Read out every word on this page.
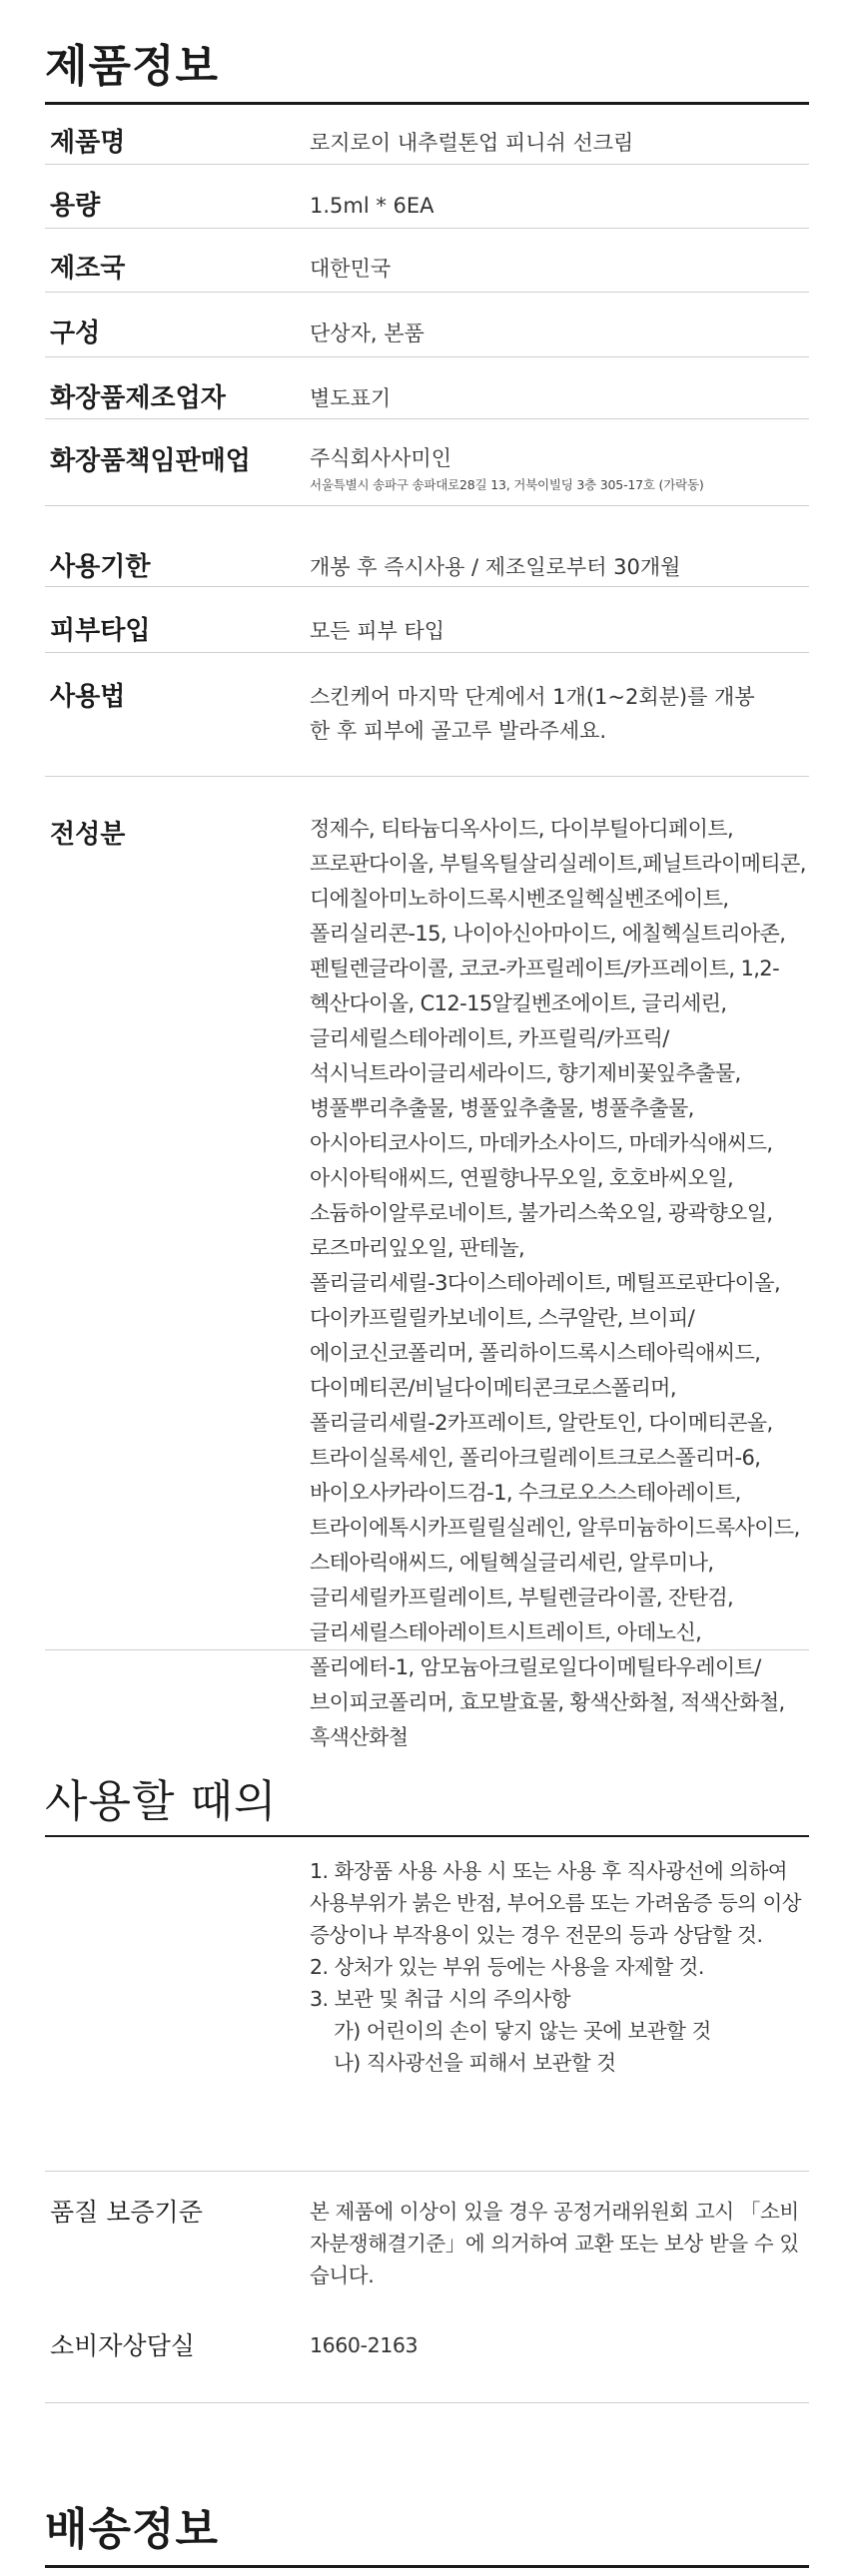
제품정보
제품명	로지로이 내추럴톤업 피니쉬 선크림
용량	1.5ml * 6EA
제조국	대한민국
구성	단상자, 본품
화장품제조업자	별도표기
화장품책임판매업	주식회사사미인
서울특별시 송파구 송파대로28길 13, 거북이빌딩 3층 305-17호 (가락동)
사용기한	개봉 후 즉시사용 / 제조일로부터 30개월
피부타입	모든 피부 타입
사용법	스킨케어 마지막 단계에서 1개(1~2회분)를 개봉한 후 피부에 골고루 발라주세요.
전성분	정제수, 티타늄디옥사이드, 다이부틸아디페이트, 프로판다이올, 부틸옥틸살리실레이트,페닐트라이메티콘, 디에칠아미노하이드록시벤조일헥실벤조에이트, 폴리실리콘-15, 나이아신아마이드, 에칠헥실트리아존, 펜틸렌글라이콜, 코코-카프릴레이트/카프레이트, 1,2-헥산다이올, C12-15알킬벤조에이트, 글리세린, 글리세릴스테아레이트, 카프릴릭/카프릭/석시닉트라이글리세라이드, 향기제비꽃잎추출물, 병풀뿌리추출물, 병풀잎추출물, 병풀추출물, 아시아티코사이드, 마데카소사이드, 마데카식애씨드, 아시아틱애씨드, 연필향나무오일, 호호바씨오일, 소듐하이알루로네이트, 불가리스쑥오일, 광곽향오일, 로즈마리잎오일, 판테놀, 폴리글리세릴-3다이스테아레이트, 메틸프로판다이올, 다이카프릴릴카보네이트, 스쿠알란, 브이피/에이코신코폴리머, 폴리하이드록시스테아릭애씨드, 다이메티콘/비닐다이메티콘크로스폴리머, 폴리글리세릴-2카프레이트, 알란토인, 다이메티콘올, 트라이실록세인, 폴리아크릴레이트크로스폴리머-6, 바이오사카라이드검-1, 수크로오스스테아레이트, 트라이에톡시카프릴릴실레인, 알루미늄하이드록사이드, 스테아릭애씨드, 에틸헥실글리세린, 알루미나, 글리세릴카프릴레이트, 부틸렌글라이콜, 잔탄검, 글리세릴스테아레이트시트레이트, 아데노신, 폴리에터-1, 암모늄아크릴로일다이메틸타우레이트/브이피코폴리머, 효모발효물, 황색산화철, 적색산화철, 흑색산화철
사용할 때의

1. 화장품 사용 사용 시 또는 사용 후 직사광선에 의하여 사용부위가 붉은 반점, 부어오름 또는 가려움증 등의 이상 증상이나 부작용이 있는 경우 전문의 등과 상담할 것.

2. 상처가 있는 부위 등에는 사용을 자제할 것.

3. 보관 및 취급 시의 주의사항

가) 어린이의 손이 닿지 않는 곳에 보관할 것

나) 직사광선을 피해서 보관할 것

품질 보증기준	본 제품에 이상이 있을 경우 공정거래위원회 고시 「소비자분쟁해결기준」에 의거하여 교환 또는 보상 받을 수 있습니다.
소비자상담실	1660-2163
배송정보
